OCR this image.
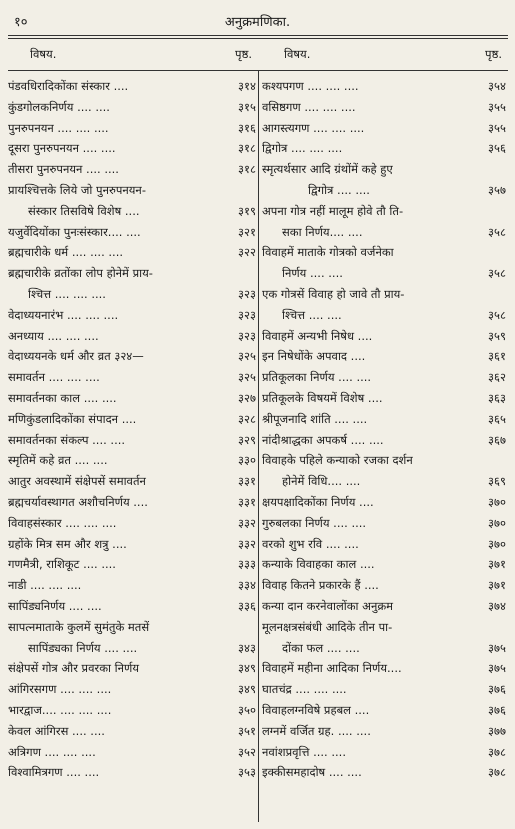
१०	अनुक्रमणिका.
विषय.	पृष्ठ.	विषय.	पृष्ठ.
पंडवधिरादिकोंका संस्कार ....	३१४
कुंडगोलकनिर्णय .... ....	३१५
पुनरुपनयन .... .... ....	३१६
दूसरा पुनरुपनयन .... ....	३१८
तीसरा पुनरुपनयन .... ....	३१८
प्रायश्चित्तके लिये जो पुनरुपनयन-
संस्कार तिसविषे विशेष ....	३१९
यजुर्वेदियोंका पुनःसंस्कार.... ....	३२१
ब्रह्मचारीके धर्म .... .... ....	३२२
ब्रह्मचारीके व्रतोंका लोप होनेमें प्राय-
श्चित्त .... .... ....	३२३
वेदाध्ययनारंभ .... .... ....	३२३
अनध्याय .... .... ....	३२३
वेदाध्ययनके धर्म और व्रत ३२४—	३२५
समावर्तन .... .... ....	३२५
समावर्तनका काल .... ....	३२७
मणिकुंडलादिकोंका संपादन ....	३२८
समावर्तनका संकल्प .... ....	३२९
स्मृतिमें कहे व्रत .... ....	३३०
आतुर अवस्थामें संक्षेपसें समावर्तन	३३१
ब्रह्मचर्यावस्थागत अशौचनिर्णय ....	३३१
विवाहसंस्कार .... .... ....	३३२
ग्रहोंके मित्र सम और शत्रु ....	३३२
गणमैत्री, राशिकूट .... ....	३३३
नाडी .... .... ....	३३४
सापिंड्यनिर्णय .... ....	३३६
सापत्नमाताके कुलमें सुमंतुके मतसें
सापिंड्यका निर्णय .... ....	३४३
संक्षेपसें गोत्र और प्रवरका निर्णय	३४९
आंगिरसगण .... .... ....	३४९
भारद्वाज.... .... .... ....	३५०
केवल आंगिरस .... ....	३५१
अत्रिगण .... .... ....	३५२
विश्वामित्रगण .... ....	३५३
कश्यपगण .... .... ....	३५४
वसिष्ठगण .... .... ....	३५५
आगस्त्यगण .... .... ....	३५५
द्विगोत्र .... .... ....	३५६
स्मृत्यर्थसार आदि ग्रंथोंमें कहे हुए
द्विगोत्र .... ....	३५७
अपना गोत्र नहीं मालूम होवे तौ ति-
सका निर्णय.... ....	३५८
विवाहमें माताके गोत्रको वर्जनेका
निर्णय .... ....	३५८
एक गोत्रसें विवाह हो जावे तौ प्राय-
श्चित्त .... ....	३५८
विवाहमें अन्यभी निषेध ....	३५९
इन निषेधोंके अपवाद ....	३६१
प्रतिकूलका निर्णय .... ....	३६२
प्रतिकूलके विषयमें विशेष ....	३६३
श्रीपूजनादि शांति .... ....	३६५
नांदीश्राद्धका अपकर्ष .... ....	३६७
विवाहके पहिले कन्याको रजका दर्शन
होनेमें विधि.... ....	३६९
क्षयपक्षादिकोंका निर्णय ....	३७०
गुरुबलका निर्णय .... ....	३७०
वरको शुभ रवि .... ....	३७०
कन्याके विवाहका काल ....	३७१
विवाह कितने प्रकारके हैं ....	३७१
कन्या दान करनेवालोंका अनुक्रम	३७४
मूलनक्षत्रसंबंधी आदिके तीन पा-
दोंका फल .... ....	३७५
विवाहमें महीना आदिका निर्णय....	३७५
घातचंद्र .... .... ....	३७६
विवाहलग्नविषे प्रहबल ....	३७६
लग्नमें वर्जित ग्रह. .... ....	३७७
नवांशप्रवृत्ति .... ....	३७८
इक्कीसमहादोष .... ....	३७८
